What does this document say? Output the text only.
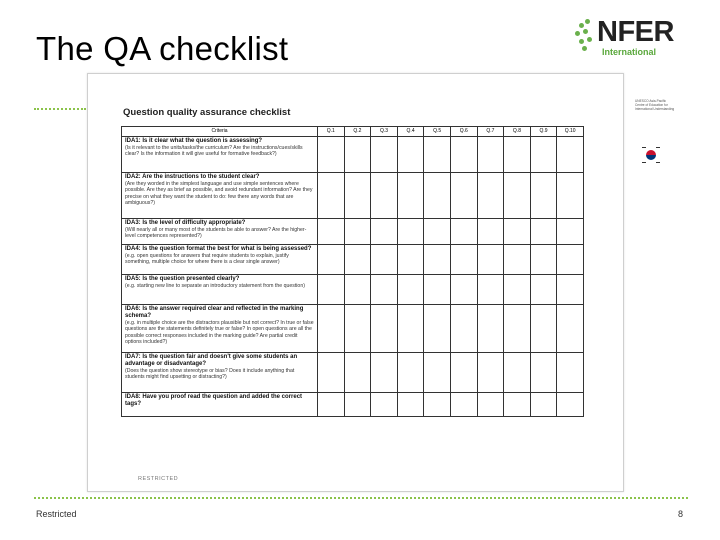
The QA checklist	NFER
International
UNESCO Asia-Pacific Centre of Education for International Understanding
Question quality assurance checklist
Criteria	Q.1	Q.2	Q.3	Q.4	Q.5	Q.6	Q.7	Q.8	Q.9	Q.10

IDA1: Is it clear what the question is assessing?
(Is it relevant to the units/tasks/the curriculum? Are the instructions/cues/skills clear? Is the information it will give useful for formative feedback?)										

IDA2: Are the instructions to the student clear?
(Are they worded in the simplest language and use simple sentences where possible. Are they as brief as possible, and avoid redundant information? Are they precise on what they want the student to do: few there any words that are ambiguous?)										

IDA3: Is the level of difficulty appropriate?
(Will nearly all or many most of the students be able to answer? Are the higher-level competences represented?)										

IDA4: Is the question format the best for what is being assessed?
(e.g. open questions for answers that require students to explain, justify something, multiple choice for where there is a clear single answer)										

IDA5: Is the question presented clearly?
(e.g. starting new line to separate an introductory statement from the question)										

IDA6: Is the answer required clear and reflected in the marking schema?
(e.g. in multiple choice are the distractors plausible but not correct? In true or false questions are the statements definitely true or false? In open questions are all the possible correct responses included in the marking guide? Are partial credit options included?)										

IDA7: Is the question fair and doesn't give some students an advantage or disadvantage?
(Does the question show stereotype or bias? Does it include anything that students might find upsetting or distracting?)										

IDA8: Have you proof read the question and added the correct tags?										

RESTRICTED
Restricted	8
